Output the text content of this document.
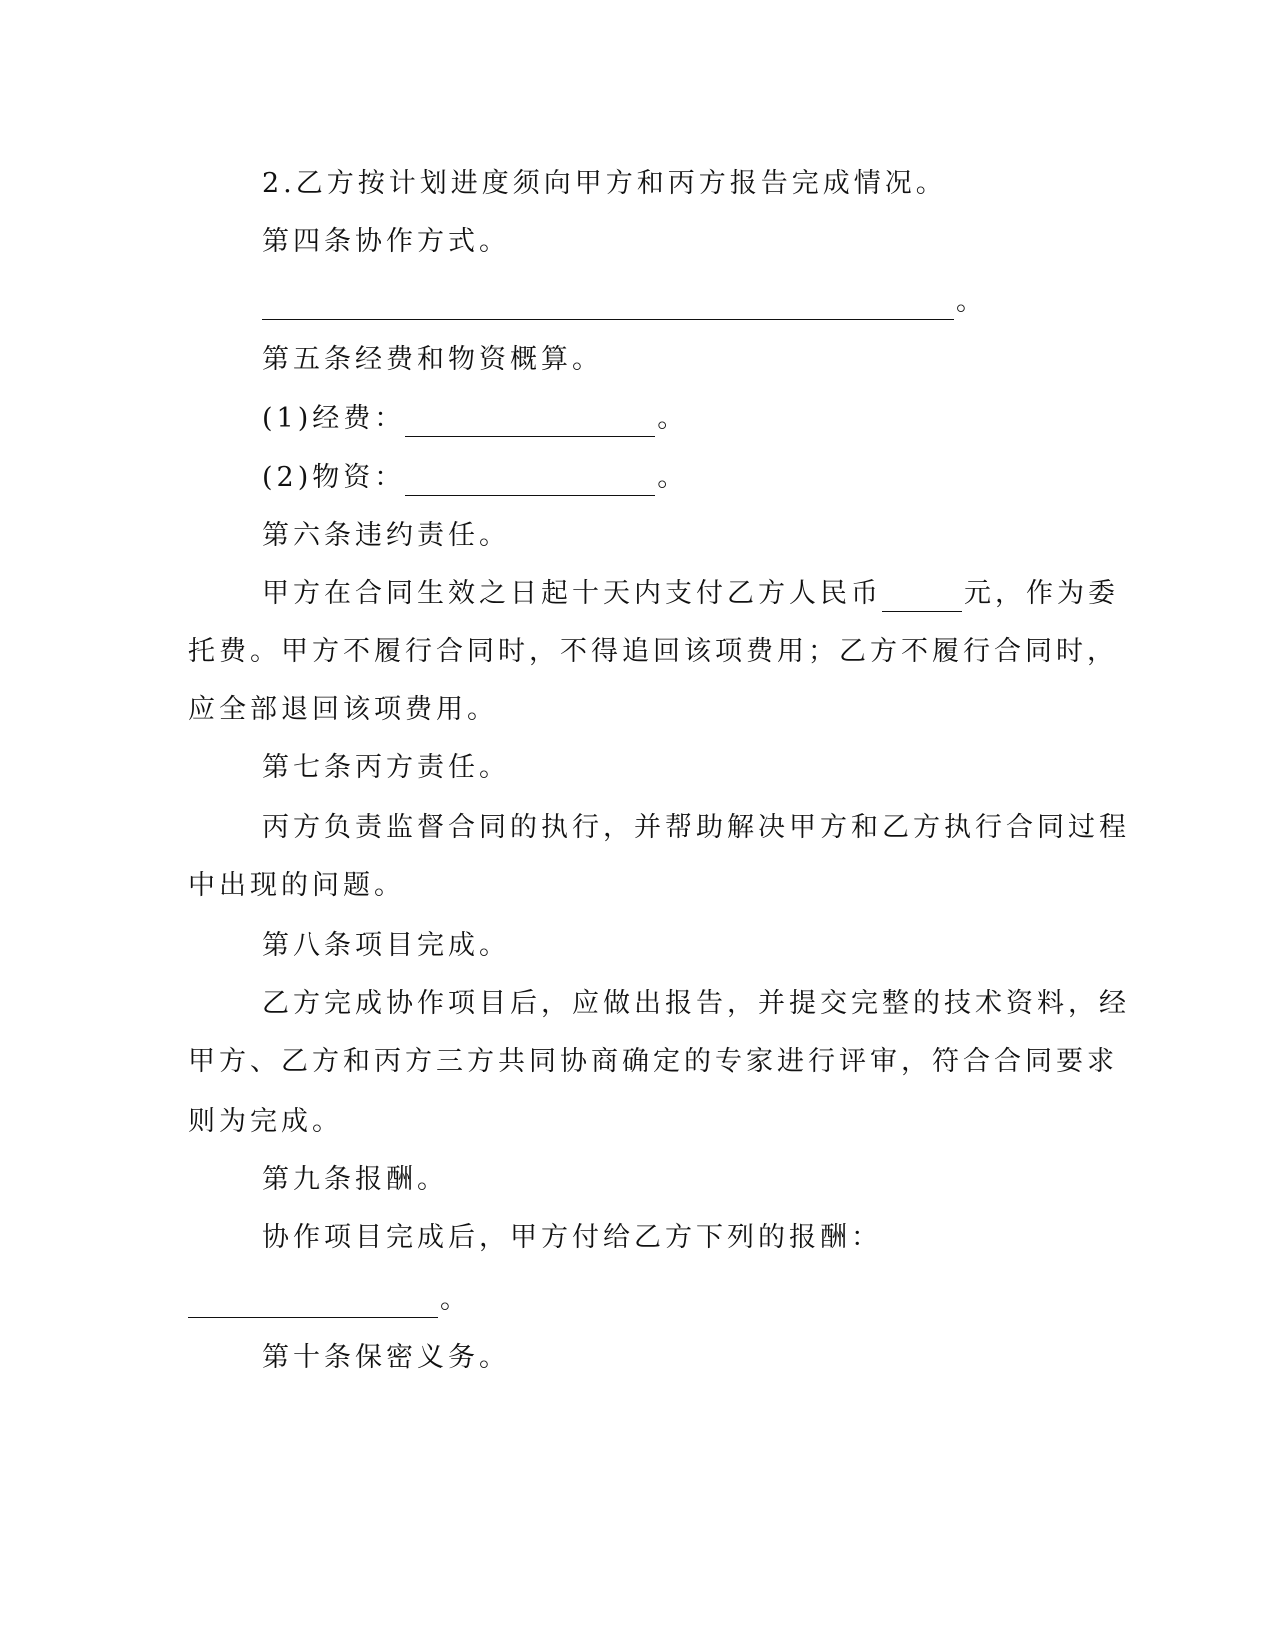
2.乙方按计划进度须向甲方和丙方报告完成情况。
第四条协作方式。
。
第五条经费和物资概算。
(1)经费：	。
(2)物资：	。
第六条违约责任。
甲方在合同生效之日起十天内支付乙方人民币	元，作为委
托费。甲方不履行合同时，不得追回该项费用；乙方不履行合同时，
应全部退回该项费用。
第七条丙方责任。
丙方负责监督合同的执行，并帮助解决甲方和乙方执行合同过程
中出现的问题。
第八条项目完成。
乙方完成协作项目后，应做出报告，并提交完整的技术资料，经
甲方、乙方和丙方三方共同协商确定的专家进行评审，符合合同要求
则为完成。
第九条报酬。
协作项目完成后，甲方付给乙方下列的报酬：
。
第十条保密义务。
